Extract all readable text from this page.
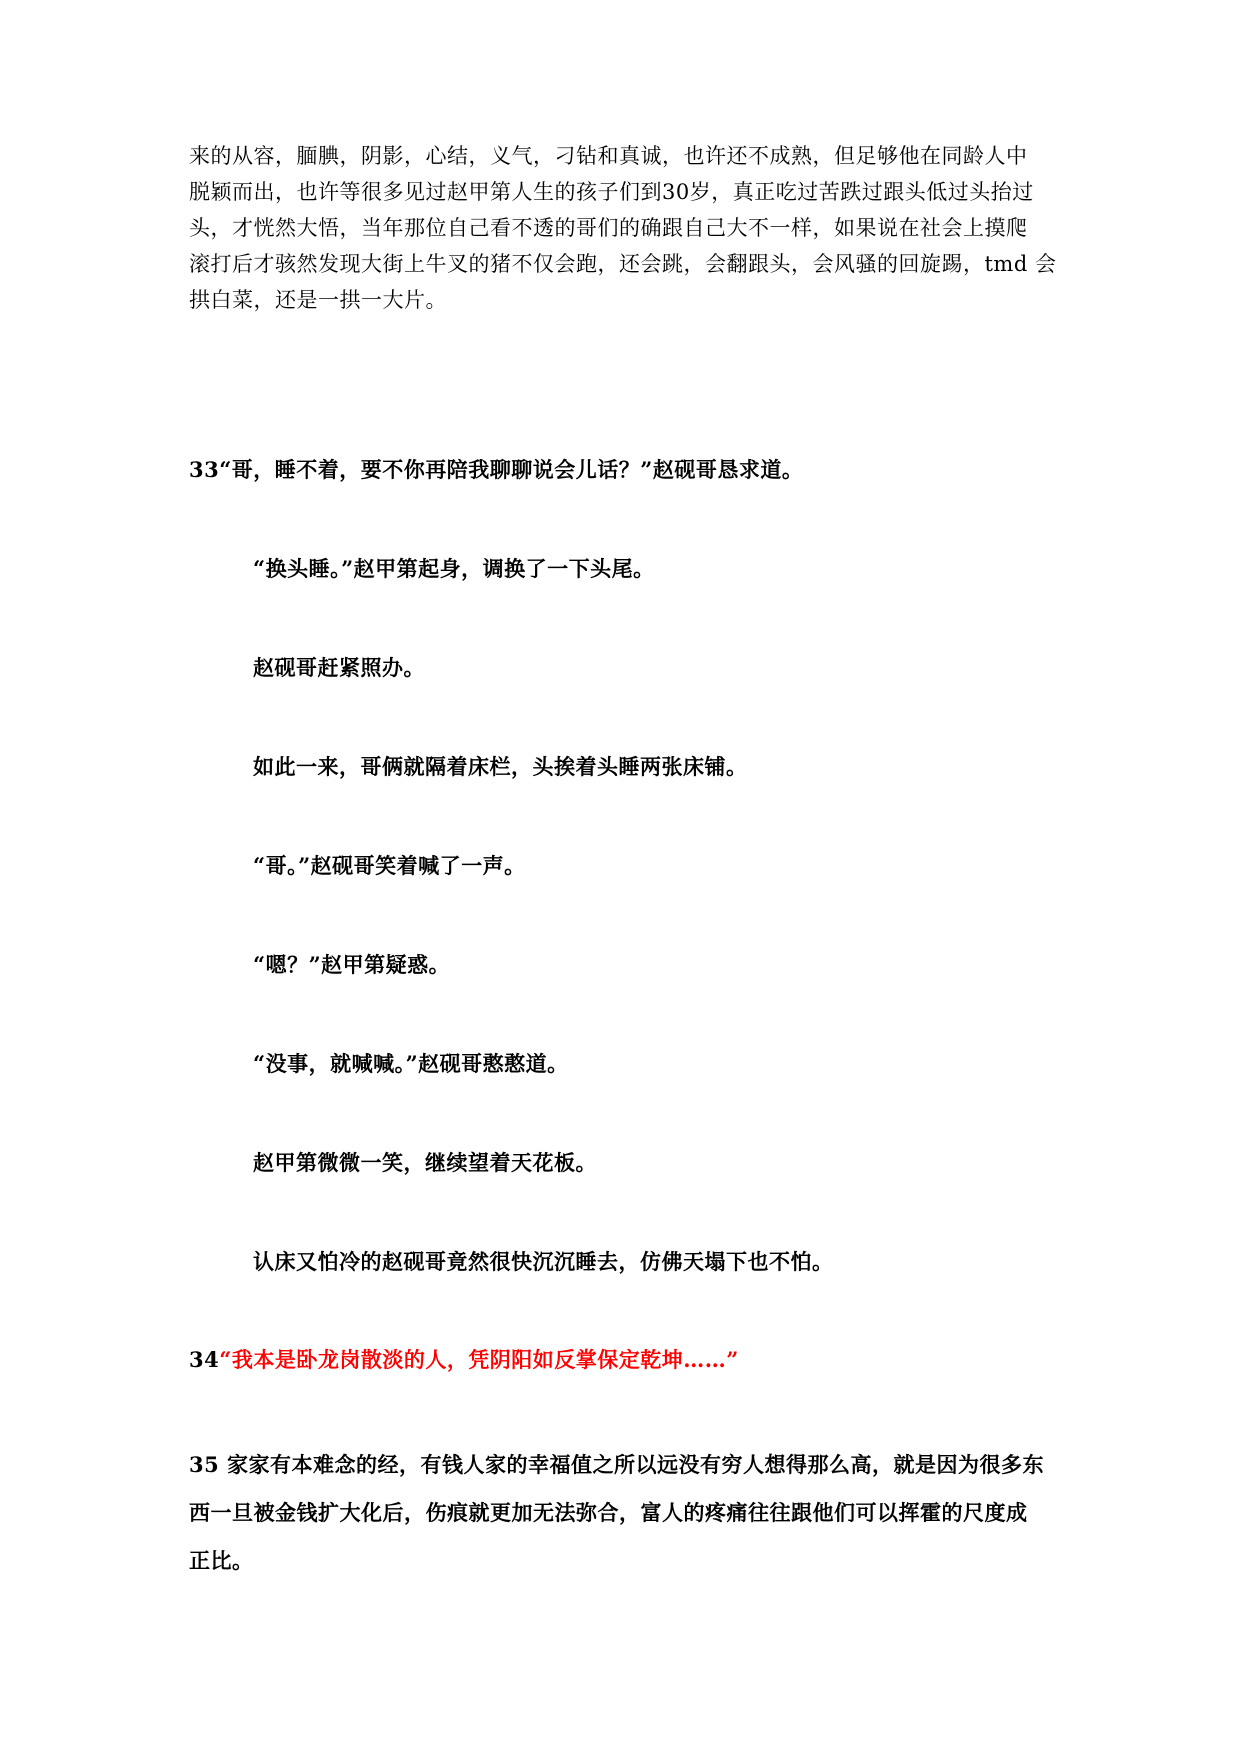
来的从容，腼腆，阴影，心结，义气，刁钻和真诚，也许还不成熟，但足够他在同龄人中
脱颖而出，也许等很多见过赵甲第人生的孩子们到30岁，真正吃过苦跌过跟头低过头抬过
头，才恍然大悟，当年那位自己看不透的哥们的确跟自己大不一样，如果说在社会上摸爬
滚打后才骇然发现大街上牛叉的猪不仅会跑，还会跳，会翻跟头，会风骚的回旋踢，tmd 会
拱白菜，还是一拱一大片。
33“哥，睡不着，要不你再陪我聊聊说会儿话？”赵砚哥恳求道。
“换头睡。”赵甲第起身，调换了一下头尾。
赵砚哥赶紧照办。
如此一来，哥俩就隔着床栏，头挨着头睡两张床铺。
“哥。”赵砚哥笑着喊了一声。
“嗯？”赵甲第疑惑。
“没事，就喊喊。”赵砚哥憨憨道。
赵甲第微微一笑，继续望着天花板。
认床又怕冷的赵砚哥竟然很快沉沉睡去，仿佛天塌下也不怕。
34“我本是卧龙岗散淡的人，凭阴阳如反掌保定乾坤……”
35 家家有本难念的经，有钱人家的幸福值之所以远没有穷人想得那么高，就是因为很多东
西一旦被金钱扩大化后，伤痕就更加无法弥合，富人的疼痛往往跟他们可以挥霍的尺度成
正比。
